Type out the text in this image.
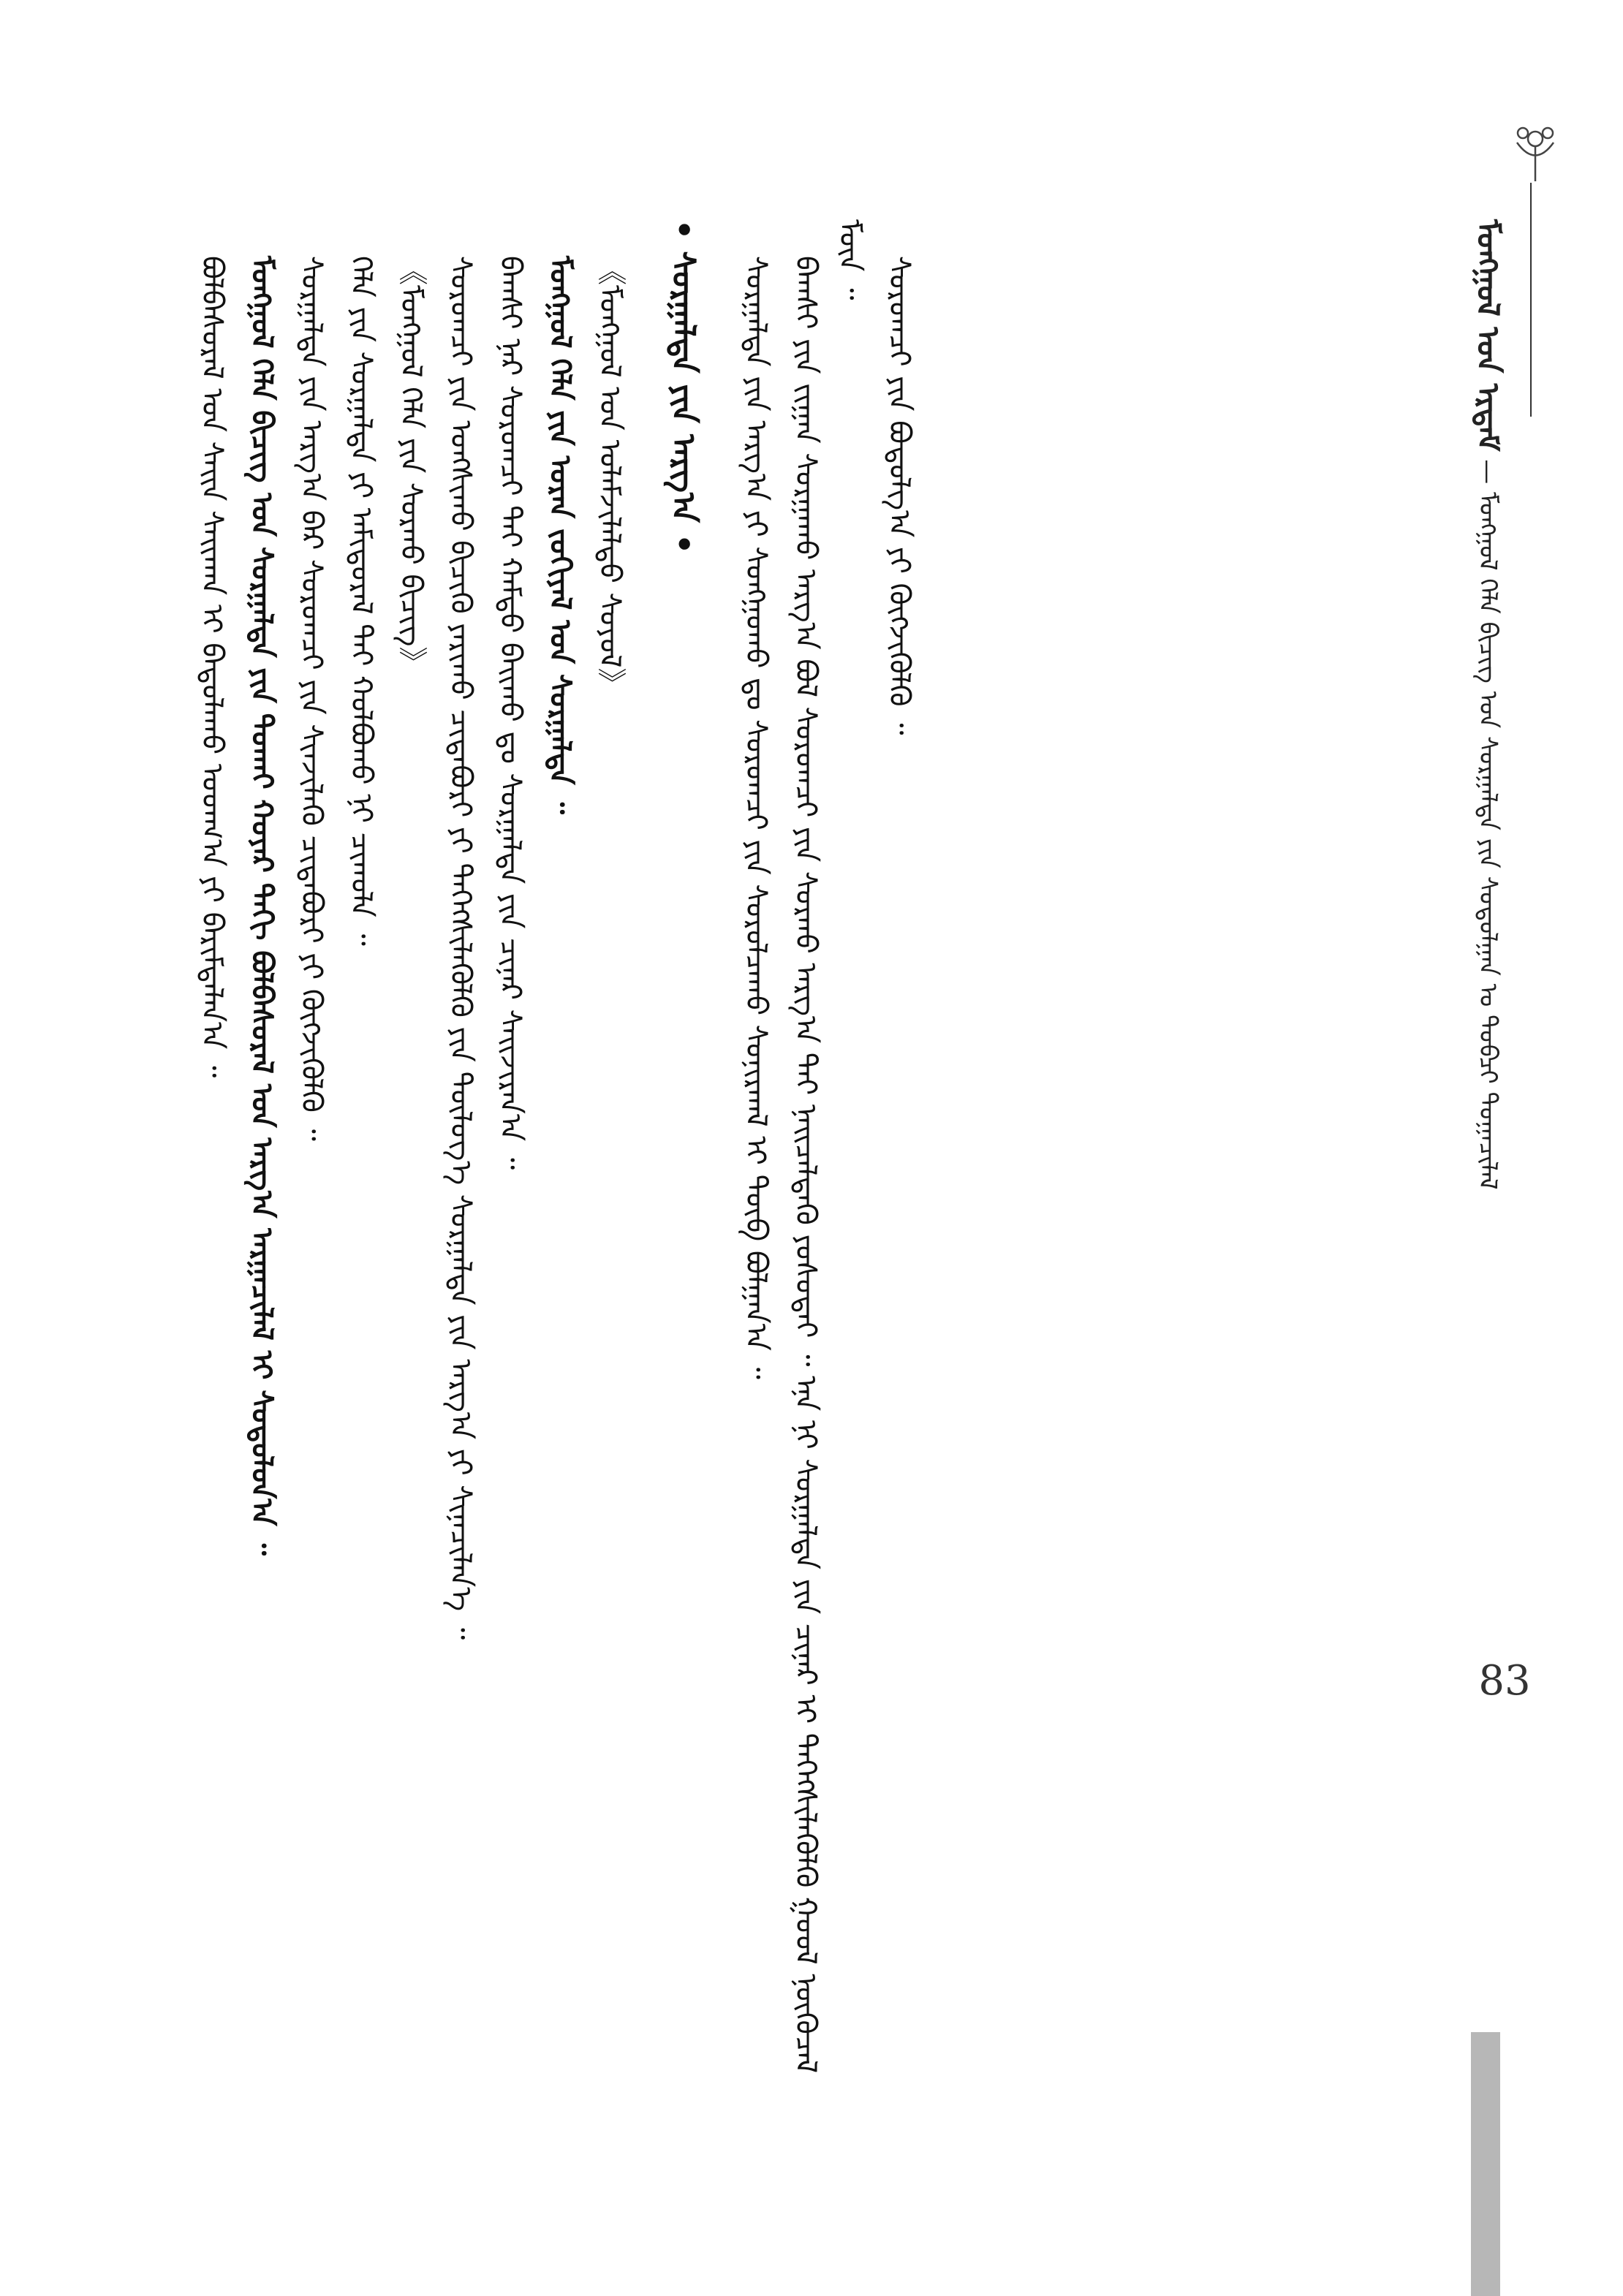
ᠮᠣᠩᠭᠣᠯ ᠤᠨ ᠡᠷᠳᠡᠮ — ᠮᠣᠩᠭᠣᠯ ᠬᠡᠯᠡ ᠪᠢᠴᠢᠭ ᠤᠨ ᠰᠤᠷᠭᠠᠯᠲᠠ ᠶᠢᠨ ᠰᠤᠳᠤᠯᠭᠠᠨ ᠤ ᠲᠣᠪᠴᠢ ᠲᠣᠭᠠᠴᠢᠯᠠᠯ

ᠪᠣᠯᠪᠠᠰᠤᠷᠠᠯ ᠤᠨ ᠰᠠᠢᠨ ᠰᠠᠢᠬᠠᠨ ᠢ ᠪᠠᠲᠤᠯᠠᠬᠤ ᠤᠳᠬ᠎ᠠ ᠶᠢ ᠪᠠᠷᠢᠮᠲᠠᠯᠠᠨ᠎ᠠ ᠃ ᠮᠣᠩᠭᠣᠯ ᠬᠡᠯᠡ ᠪᠢᠴᠢᠭ ᠤᠨ ᠰᠤᠷᠭᠠᠯᠲᠠ ᠶᠢᠨ ᠲᠤᠬᠠᠢ ᠬᠣᠶᠠᠷ ᠳᠠᠬᠢ ᠪᠣᠯᠪᠠᠰᠤᠷᠠᠯ ᠤᠨ ᠠᠷᠭ᠎ᠠ ᠠᠷᠭᠠᠴᠢᠯᠠᠯ ᠢ ᠰᠤᠳᠤᠯᠤᠨ᠎ᠠ ᠃ ᠰᠤᠷᠭᠠᠯᠲᠠ ᠶᠢᠨ ᠠᠷᠭ᠎ᠠ ᠪᠠᠷ ᠰᠤᠷᠤᠭᠴᠢ ᠶᠢᠨ ᠰᠢᠨᠵᠢᠯᠡᠬᠦ ᠴᠢᠳᠠᠪᠤᠷᠢ ᠶᠢ ᠬᠥᠭᠵᠢᠭᠦᠯᠬᠦ ᠃ ᠬᠡᠯᠡ ᠶᠢᠨ ᠰᠤᠷᠭᠠᠯᠲᠠ ᠶᠢ ᠠᠮᠢᠳᠤᠷᠠᠯ ᠲᠠᠢ ᠬᠣᠯᠪᠣᠬᠤ ᠨᠢ ᠴᠢᠬᠤᠯᠠ ᠃ 《ᠮᠣᠩᠭᠣᠯ ᠬᠡᠯᠡ ᠶᠢᠨ ᠰᠤᠷᠬᠤ ᠪᠢᠴᠢᠭ》 ᠰᠤᠷᠤᠭᠴᠢ ᠶᠢᠨ ᠤᠩᠰᠢᠬᠤ ᠪᠢᠴᠢᠬᠦ ᠶᠠᠷᠢᠬᠤ ᠴᠢᠳᠠᠪᠤᠷᠢ ᠶᠢ ᠳᠡᠭᠡᠭᠰᠢᠯᠡᠭᠦᠯᠬᠦ ᠶᠢᠨ ᠲᠥᠯᠥᠭ᠎ᠡ ᠰᠤᠷᠭᠠᠯᠲᠠ ᠶᠢᠨ ᠠᠷᠭ᠎ᠠ ᠶᠢ ᠰᠢᠨᠡᠴᠢᠯᠡᠨ᠎ᠡ ᠃ ᠪᠠᠭᠰᠢ ᠨᠠᠷ ᠰᠤᠷᠤᠭᠴᠢ ᠲᠠᠢ ᠬᠠᠮᠲᠤ ᠪᠠᠢᠬᠤ ᠳᠤ ᠰᠤᠷᠭᠠᠯᠲᠠ ᠶᠢᠨ ᠴᠢᠨᠠᠷ ᠰᠠᠢᠵᠢᠷᠠᠨ᠎ᠠ ᠃ ᠮᠣᠩᠭᠣᠯ ᠬᠡᠯᠡ ᠶᠢᠨ ᠤᠷᠠᠨ ᠵᠣᠬᠢᠶᠠᠯ ᠤᠨ ᠰᠤᠷᠭᠠᠯᠲᠠ ᠃ 《ᠮᠣᠩᠭᠣᠯ ᠤᠨ ᠤᠯᠠᠮᠵᠢᠯᠠᠯᠲᠤ ᠰᠣᠶᠣᠯ》 • ᠰᠤᠷᠭᠠᠯᠲᠠ ᠶᠢᠨ ᠠᠷᠭ᠎ᠠ • ᠰᠤᠷᠭᠠᠯᠲᠠ ᠶᠢᠨ ᠠᠷᠭ᠎ᠠ ᠶᠢ ᠰᠣᠩᠭᠣᠬᠤ ᠳᠤ ᠰᠤᠷᠤᠭᠴᠢ ᠶᠢᠨ ᠰᠤᠷᠤᠯᠴᠠᠬᠤ ᠰᠣᠨᠢᠷᠬᠠᠯ ᠢ ᠲᠥᠪ ᠪᠣᠯᠭᠠᠨ᠎ᠠ ᠃ ᠪᠠᠭᠰᠢ ᠶᠢᠨ ᠵᠢᠭᠠᠨ ᠰᠤᠷᠭᠠᠬᠤ ᠠᠷᠭ᠎ᠠ ᠪᠣᠯ ᠰᠤᠷᠤᠭᠴᠢ ᠶᠢᠨ ᠰᠤᠷᠬᠤ ᠠᠷᠭ᠎ᠠ ᠲᠠᠢ ᠨᠡᠢᠴᠡᠯᠳᠡᠬᠦ ᠶᠣᠰᠣᠲᠠᠢ ᠃ ᠡᠨᠡ ᠨᠢ ᠰᠤᠷᠭᠠᠯᠲᠠ ᠶᠢᠨ ᠴᠢᠨᠠᠷ ᠢ ᠳᠡᠭᠡᠭᠰᠢᠯᠡᠭᠦᠯᠬᠦ ᠭᠣᠣᠯ ᠨᠥᠬᠦᠴᠡᠯ ᠮᠥᠨ ᠃ ᠰᠤᠷᠤᠭᠴᠢ ᠶᠢᠨ ᠪᠣᠳᠤᠯᠭ᠎ᠠ ᠶᠢ ᠬᠥᠭᠵᠢᠭᠦᠯᠬᠦ ᠃

83
